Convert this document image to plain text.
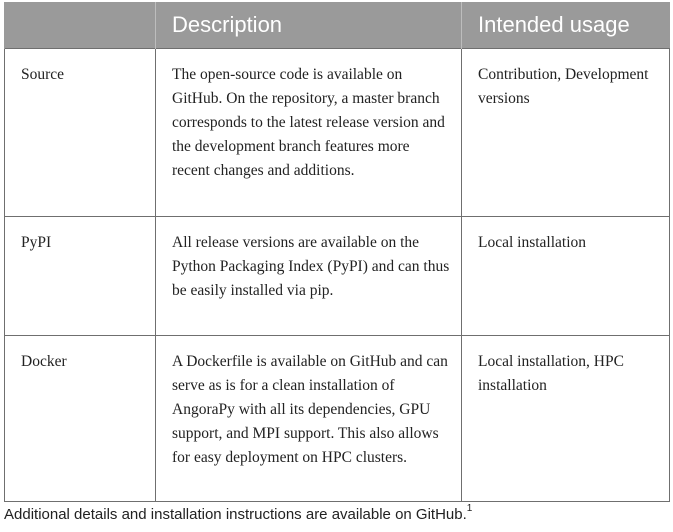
	Description	Intended usage
Source	The open-source code is available on GitHub. On the repository, a master branch corresponds to the latest release version and the development branch features more recent changes and additions.	Contribution, Development versions
PyPI	All release versions are available on the Python Packaging Index (PyPI) and can thus be easily installed via pip.	Local installation
Docker	A Dockerfile is available on GitHub and can serve as is for a clean installation of AngoraPy with all its dependencies, GPU support, and MPI support. This also allows for easy deployment on HPC clusters.	Local installation, HPC installation
Additional details and installation instructions are available on GitHub.$^1$
